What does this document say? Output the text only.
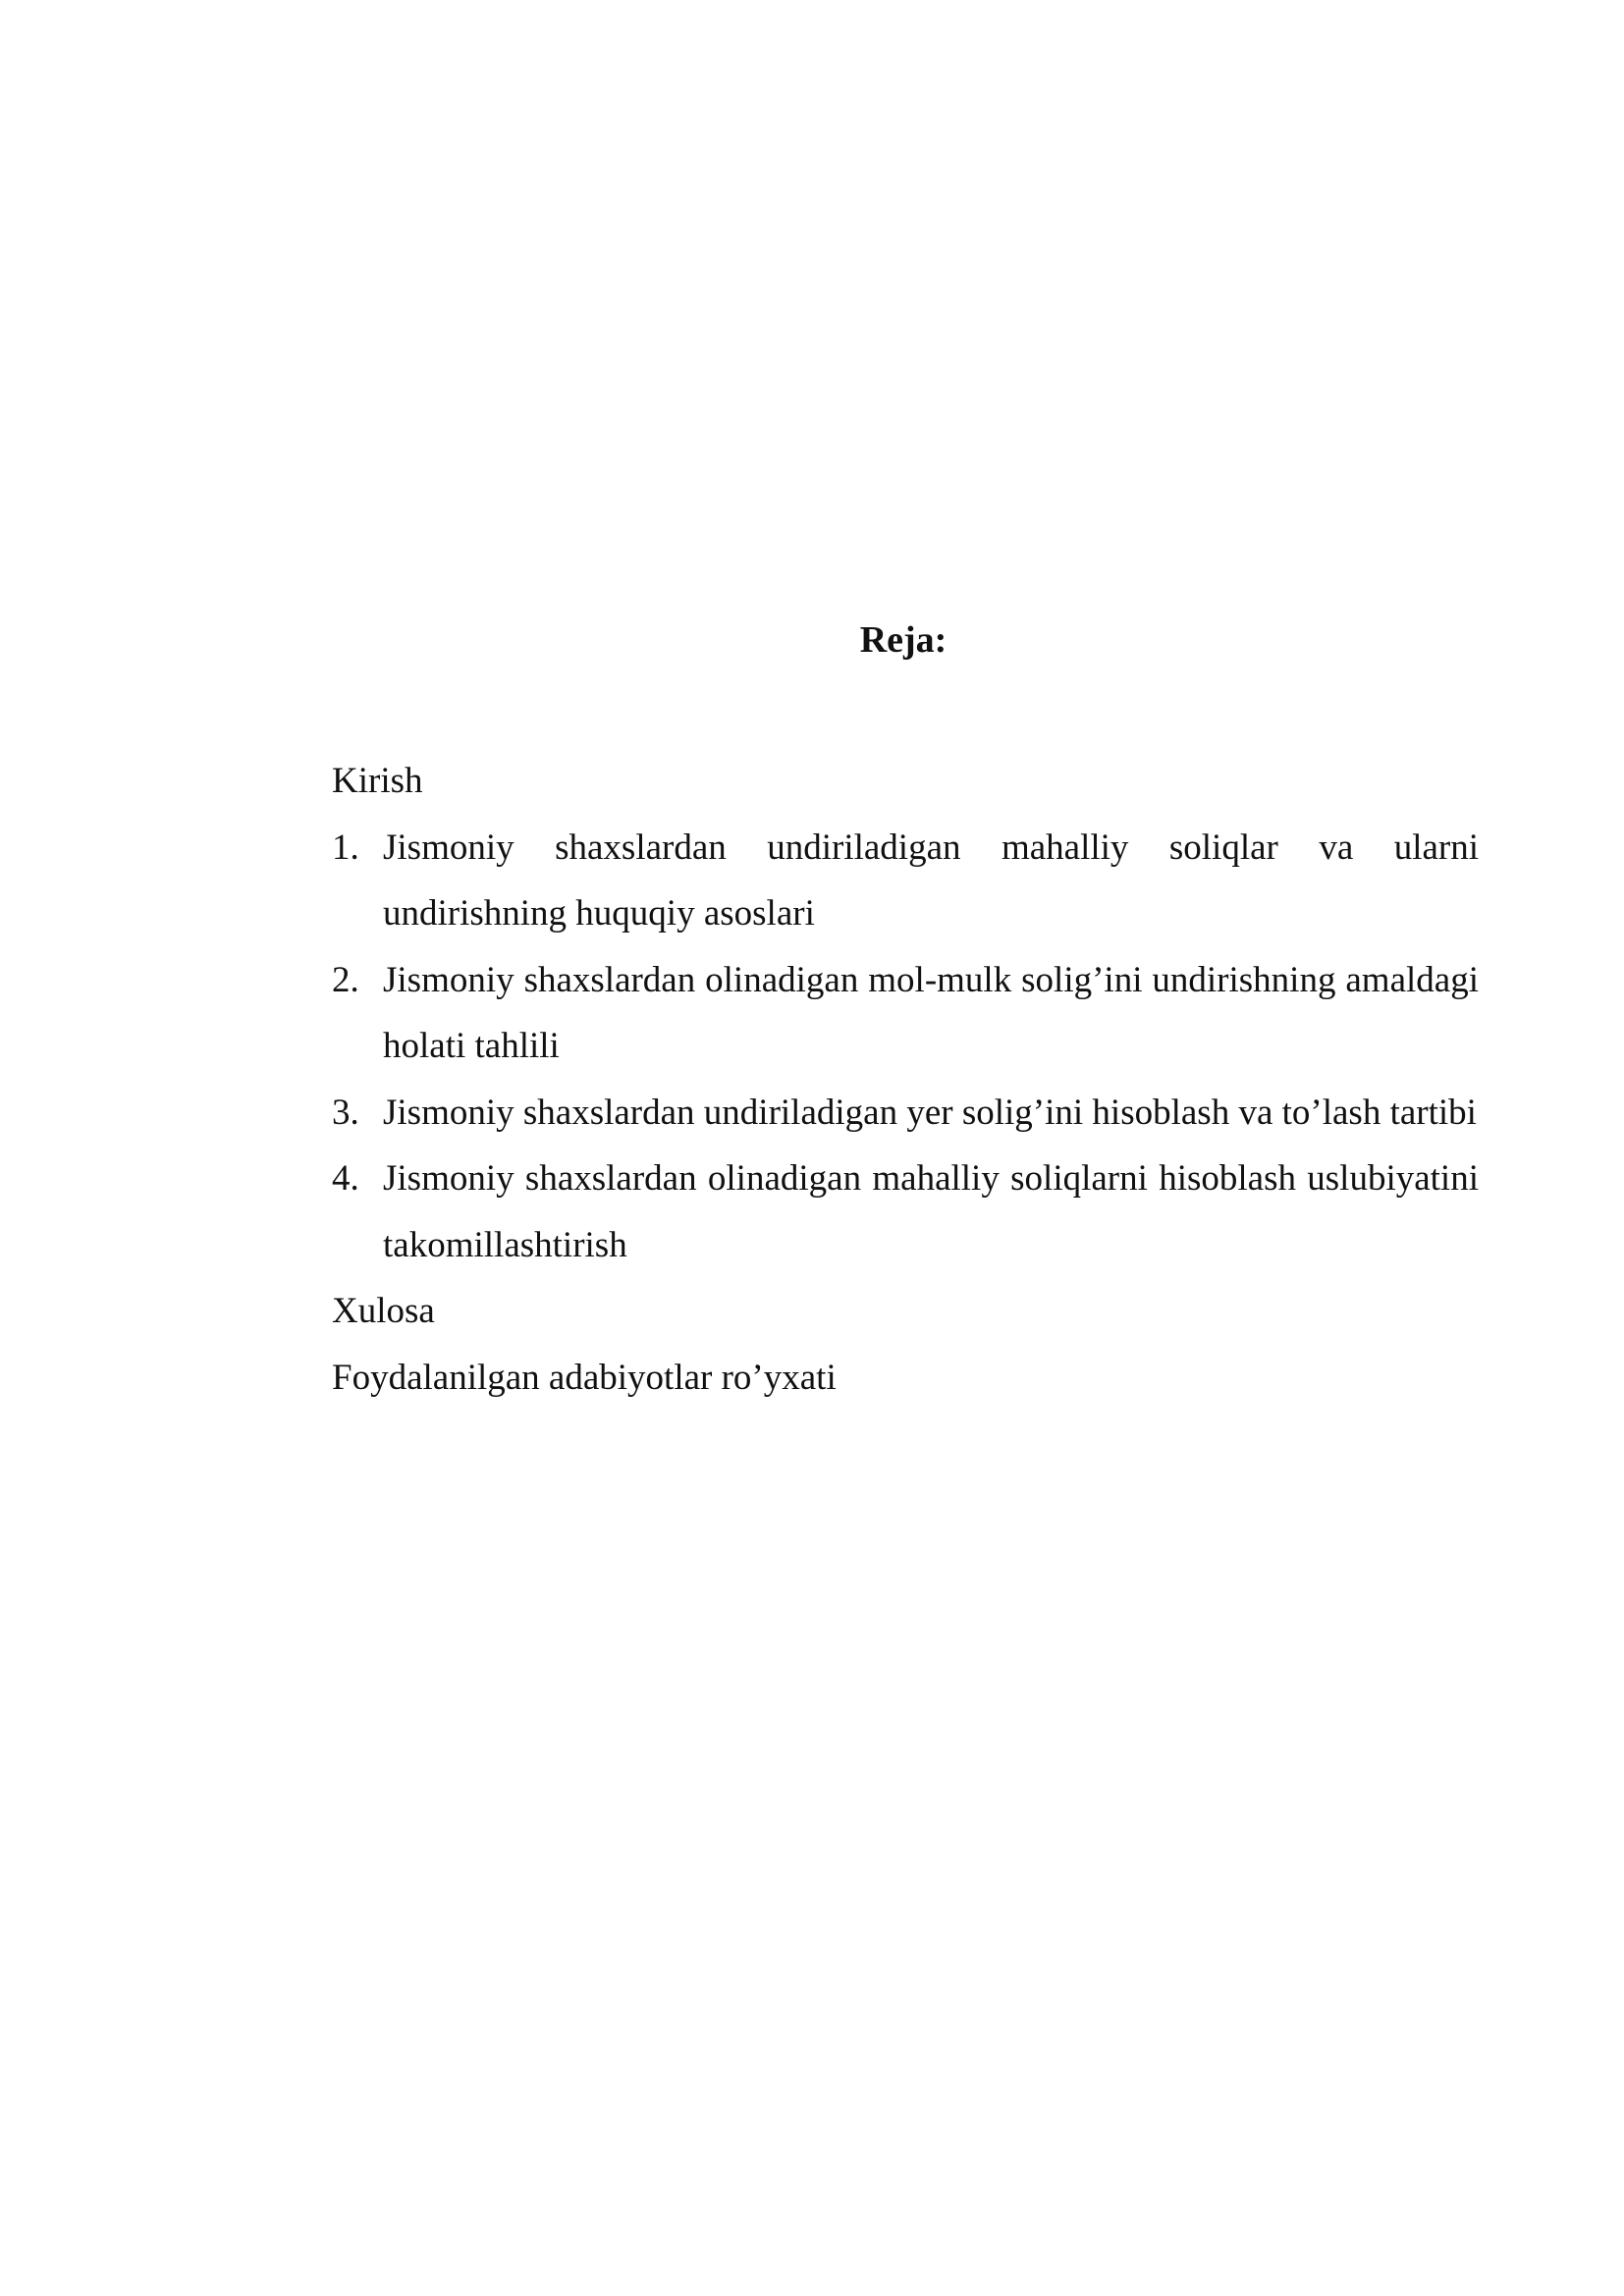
Reja:

Kirish

1. Jismoniy shaxslardan undiriladigan mahalliy soliqlar va ularni undirishning huquqiy asoslari
2. Jismoniy shaxslardan olinadigan mol-mulk solig’ini undirishning amaldagi holati tahlili
3. Jismoniy shaxslardan undiriladigan yer solig’ini hisoblash va to’lash tartibi
4. Jismoniy shaxslardan olinadigan mahalliy soliqlarni hisoblash uslubiyatini takomillashtirish

Xulosa

Foydalanilgan adabiyotlar ro’yxati
